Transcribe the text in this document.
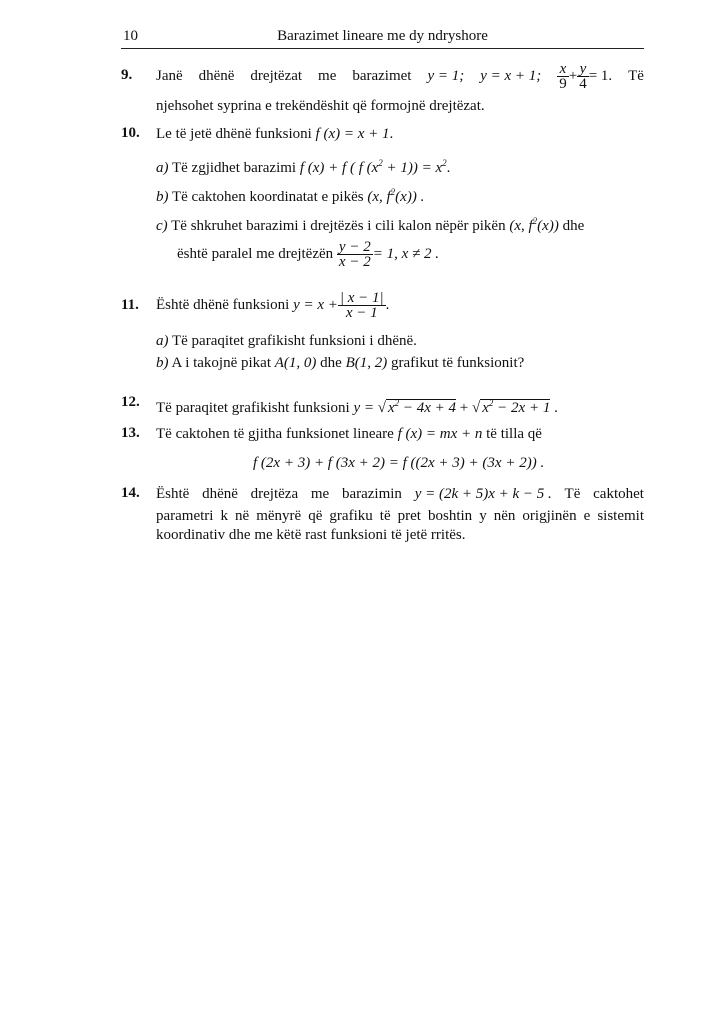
10	Barazimet lineare me dy ndryshore
9. Janë dhënë drejtëzat me barazimet y = 1; y = x + 1; $\frac{x}{9} + \frac{y}{4} = 1$. Të
njehsohet syprina e trekëndëshit që formojnë drejtëzat.
10. Le të jetë dhënë funksioni f (x) = x + 1.
a) Të zgjidhet barazimi f (x) + f ( f $(x^2 + 1)) = x^2$.
b) Të caktohen koordinatat e pikës (x, $f^2(x)$) .
c) Të shkruhet barazimi i drejtëzës i cili kalon nëpër pikën (x, $f^2(x)$) dhe
është paralel me drejtëzën
$\frac{y - 2}{x - 2} = 1$, x ≠ 2 .
11. Është dhënë funksioni
$y = x + \frac{| x - 1|}{x - 1}$ .
a) Të paraqitet grafikisht funksioni i dhënë.
b) A i takojnë pikat A(1, 0) dhe B(1, 2) grafikut të funksionit?
12. Të paraqitet grafikisht funksioni y = √ $x^2 - 4x + 4$ + √ $x^2 - 2x + 1$ .
13. Të caktohen të gjitha funksionet lineare f (x) = mx + n të tilla që
f (2x + 3) + f (3x + 2) = f ((2x + 3) + (3x + 2)) .
14. Është dhënë drejtëza me barazimin y = (2k + 5)x + k − 5 . Të caktohet
parametri k në mënyrë që grafiku të pret boshtin y nën origjinën e sistemit
koordinativ dhe me këtë rast funksioni të jetë rritës.
